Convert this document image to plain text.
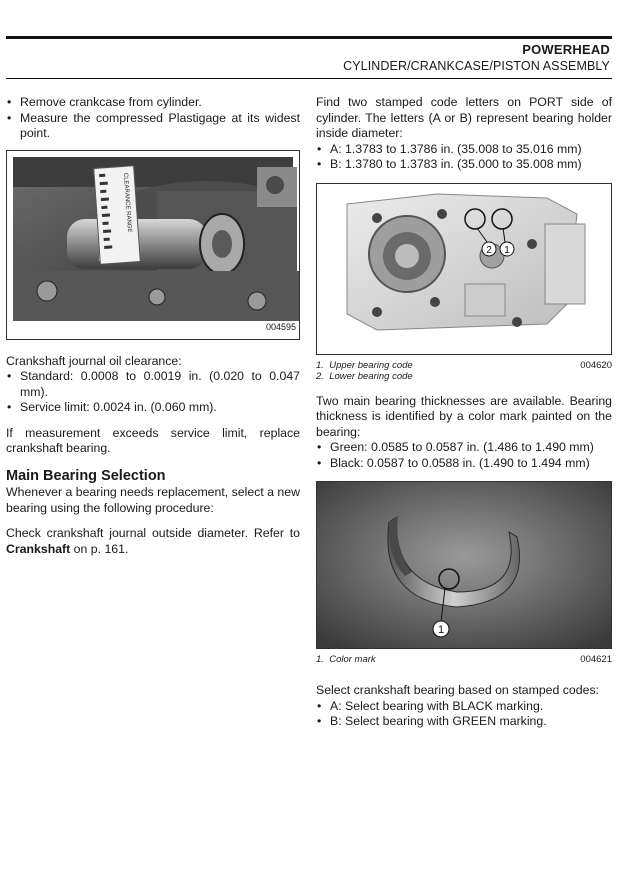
POWERHEAD
CYLINDER/CRANKCASE/PISTON ASSEMBLY
• Remove crankcase from cylinder.
• Measure the compressed Plastigage at its widest point.
CLEARANCE RANGE
004595

Crankshaft journal oil clearance:

• Standard: 0.0008 to 0.0019 in. (0.020 to 0.047 mm).
• Service limit: 0.0024 in. (0.060 mm).

If measurement exceeds service limit, replace crankshaft bearing.

Main Bearing Selection

Whenever a bearing needs replacement, select a new bearing using the following procedure:

Check crankshaft journal outside diameter. Refer to Crankshaft on p. 161.

Find two stamped code letters on PORT side of cylinder. The letters (A or B) represent bearing holder inside diameter:

• A: 1.3783 to 1.3786 in. (35.008 to 35.016 mm)
• B: 1.3780 to 1.3783 in. (35.000 to 35.008 mm)
2 1
1. Upper bearing code
2. Lower bearing code
004620

Two main bearing thicknesses are available. Bearing thickness is identified by a color mark painted on the bearing:

• Green: 0.0585 to 0.0587 in. (1.486 to 1.490 mm)
• Black: 0.0587 to 0.0588 in. (1.490 to 1.494 mm)
1
1. Color mark	004621

Select crankshaft bearing based on stamped codes:

• A: Select bearing with BLACK marking.
• B: Select bearing with GREEN marking.
